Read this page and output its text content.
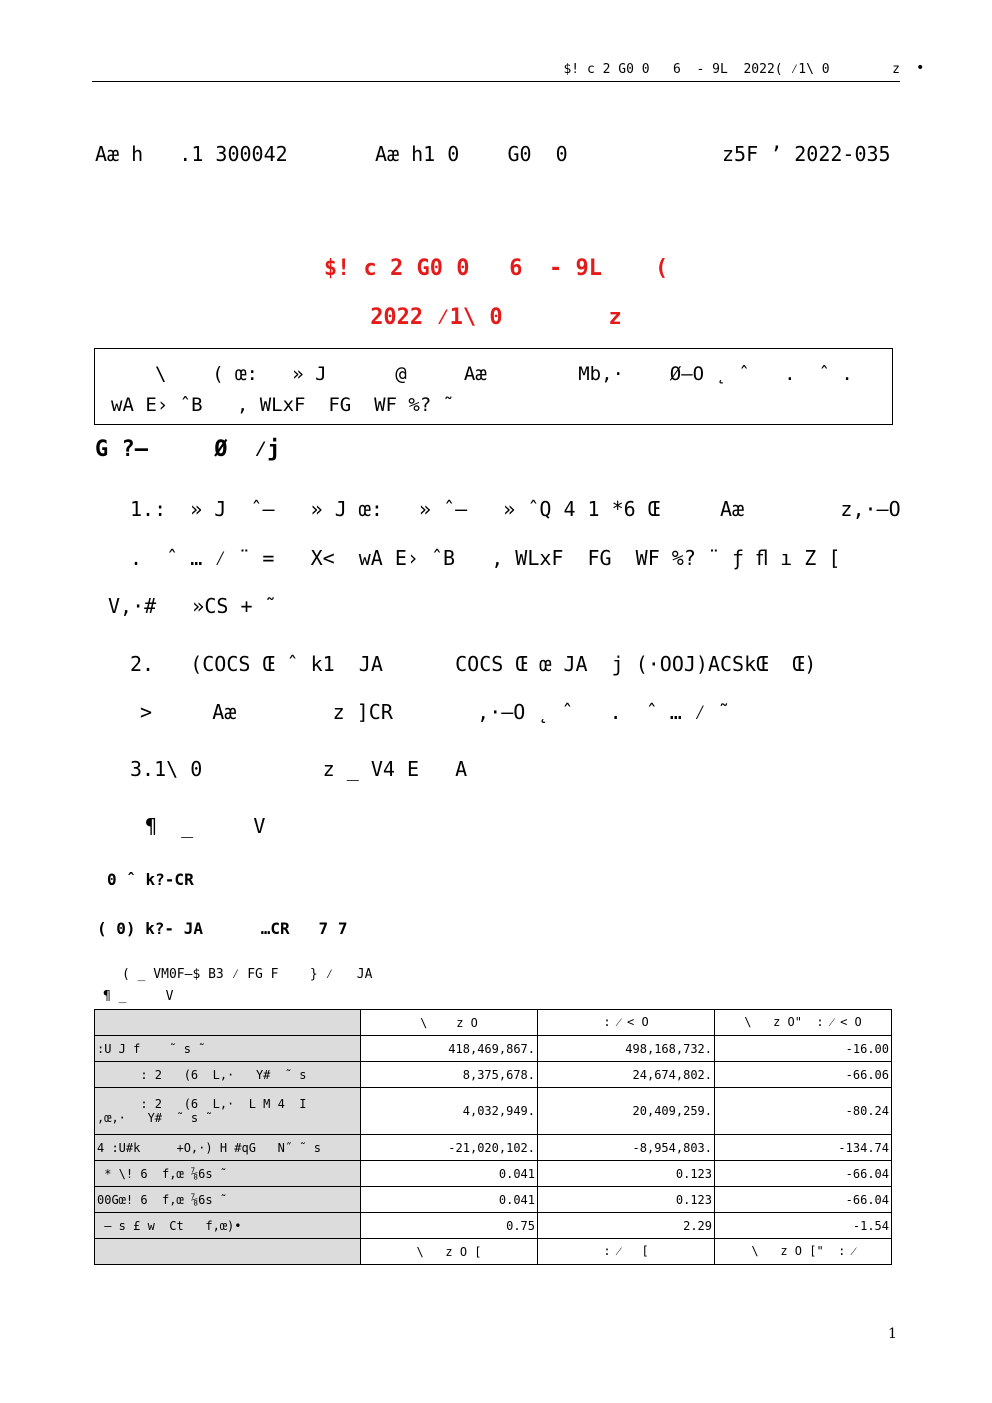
$! c 2 G0 0   6  - 9L  2022( ⁄1\ 0        z •
Aæ h   .1 300042	Aæ h1 0    G0  0	z5F ’ 2022-035
$! c 2 G0 0   6  - 9L    (
2022 ⁄1\ 0        z
\    ( œ:   » J      @     Aæ        Mb,·    Ø–O ˛ ˆ   .  ˆ .
wA E› ˆB   , WLxF  FG  WF %? ˜
G ?–     Ø  ⁄j
1.:  » J  ˆ–   » J œ:   » ˆ–   » ˆQ 4 1 *6 Œ     Aæ        z,·–O
.  ˆ … ⁄ ¨ =   X<  wA E› ˆB   , WLxF  FG  WF %? ¨ ƒ ﬂ ı Z [
V,·#   »CS + ˜
2.   (COCS Œ ˆ k1  JA      COCS Œ œ JA  j (·OOJ)ACSkŒ  Œ)
>     Aæ        z ]CR       ,·–O ˛ ˆ   .  ˆ … ⁄ ˜
3.1\ 0          z _ V4 E   A
¶  _     V
0 ˆ k?-CR
( 0) k?- JA      …CR   7 7
( _ VM0F–$ B3 ⁄ FG F    } ⁄   JA
¶ _     V
	\    z O	: ⁄ < O	\   z O"  : ⁄ < O
:U J f    ˜ s ˜	418,469,867.	498,168,732.	-16.00
: 2   (6  L,·   Y#  ˜ s	8,375,678.	24,674,802.	-66.06
: 2   (6  L,·  L M 4  I
,œ,·   Y#  ˜ s ˜	4,032,949.	20,409,259.	-80.24
4 :U#k     +O,·) H #qG   N˝ ˜ s	-21,020,102.	-8,954,803.	-134.74
* \! 6  f,œ ⅞6s ˜	0.041	0.123	-66.04
00Gœ! 6  f,œ ⅞6s ˜	0.041	0.123	-66.04
– s £ w  Ct   f,œ)•	0.75	2.29	-1.54
	\   z O [	: ⁄   [	\   z O ["  : ⁄
1
